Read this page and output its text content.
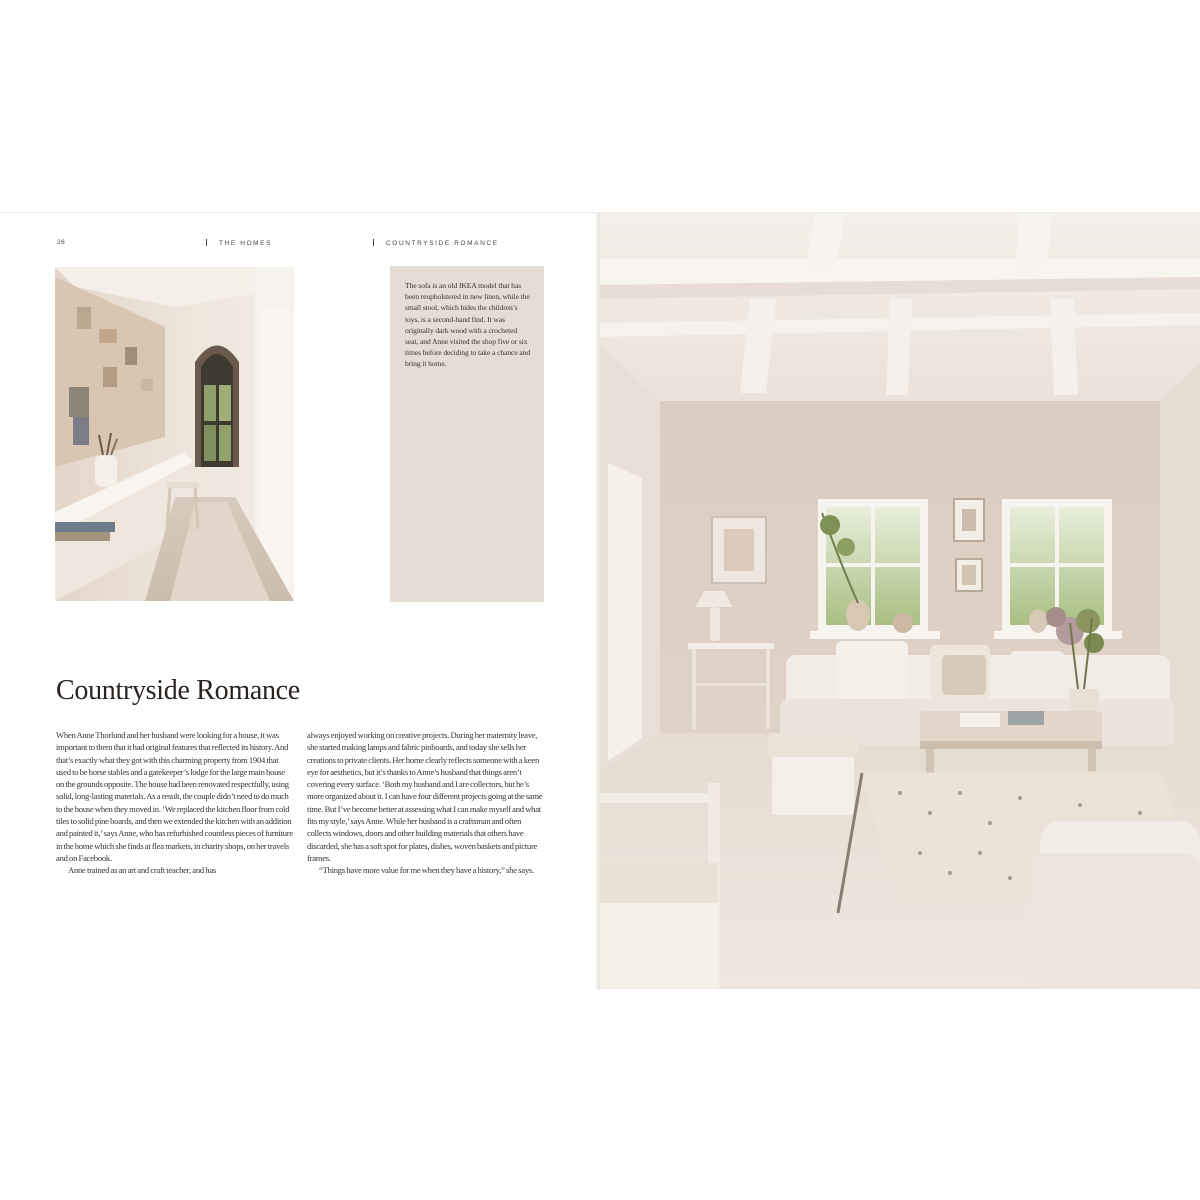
26	THE HOMES	COUNTRYSIDE ROMANCE

The sofa is an old IKEA model that has been reupholstered in new linen, while the small stool, which hides the children’s toys, is a second-hand find. It was originally dark wood with a crocheted seat, and Anne visited the shop five or six times before deciding to take a chance and bring it home.

Countryside Romance

When Anne Thorlund and her husband were looking for a house, it was important to them that it had original features that reflected its history. And that’s exactly what they got with this charming property from 1904 that used to be horse stables and a gatekeeper’s lodge for the large main house on the grounds opposite. The house had been renovated respectfully, using solid, long-lasting materials. As a result, the couple didn’t need to do much to the house when they moved in. ‘We replaced the kitchen floor from cold tiles to solid pine boards, and then we extended the kitchen with an addition and painted it,’ says Anne, who has refurbished countless pieces of furniture in the home which she finds at flea markets, in charity shops, on her travels and on Facebook.

Anne trained as an art and craft teacher, and has

always enjoyed working on creative projects. During her maternity leave, she started making lamps and fabric pinboards, and today she sells her creations to private clients. Her home clearly reflects someone with a keen eye for aesthetics, but it’s thanks to Anne’s husband that things aren’t covering every surface. ‘Both my husband and I are collectors, but he’s more organized about it. I can have four different projects going at the same time. But I’ve become better at assessing what I can make myself and what fits my style,’ says Anne. While her husband is a craftsman and often collects windows, doors and other building materials that others have discarded, she has a soft spot for plates, dishes, woven baskets and picture frames.

“Things have more value for me when they have a history,” she says.
